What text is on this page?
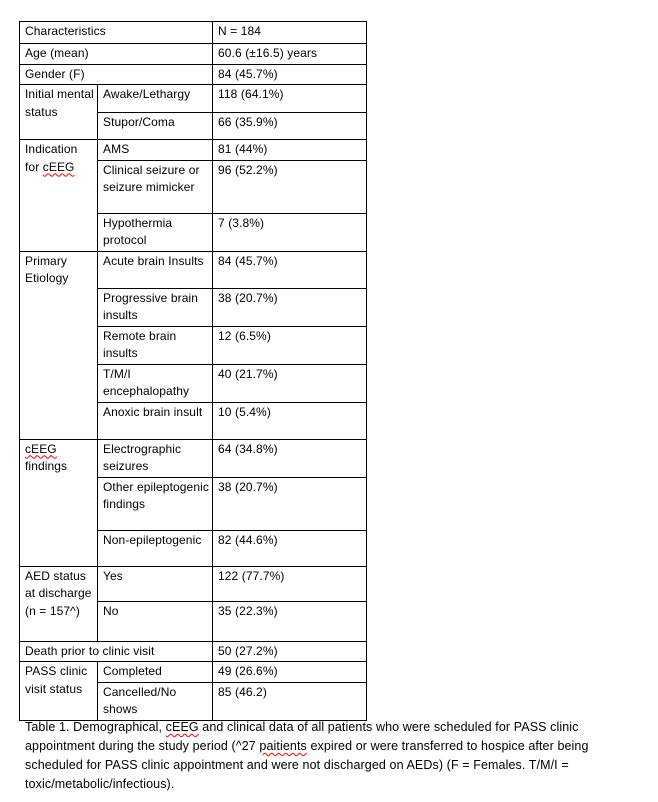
Characteristics		N = 184
Age (mean)		60.6 (±16.5) years
Gender (F)		84 (45.7%)
Initial mental status	Awake/Lethargy	118 (64.1%)
	Stupor/Coma	66 (35.9%)
Indication for cEEG	AMS	81 (44%)
	Clinical seizure or seizure mimicker	96 (52.2%)
	Hypothermia protocol	7 (3.8%)
Primary Etiology	Acute brain Insults	84 (45.7%)
	Progressive brain insults	38 (20.7%)
	Remote brain insults	12 (6.5%)
	T/M/I encephalopathy	40 (21.7%)
	Anoxic brain insult	10 (5.4%)
cEEG findings	Electrographic seizures	64 (34.8%)
	Other epileptogenic findings	38 (20.7%)
	Non-epileptogenic	82 (44.6%)
AED status at discharge (n = 157^)	Yes	122 (77.7%)
	No	35 (22.3%)
Death prior to clinic visit		50 (27.2%)
PASS clinic visit status	Completed	49 (26.6%)
	Cancelled/No shows	85 (46.2)

Table 1. Demographical, cEEG and clinical data of all patients who were scheduled for PASS clinic appointment during the study period (^27 paitients expired or were transferred to hospice after being scheduled for PASS clinic appointment and were not discharged on AEDs) (F = Females. T/M/I = toxic/metabolic/infectious).
